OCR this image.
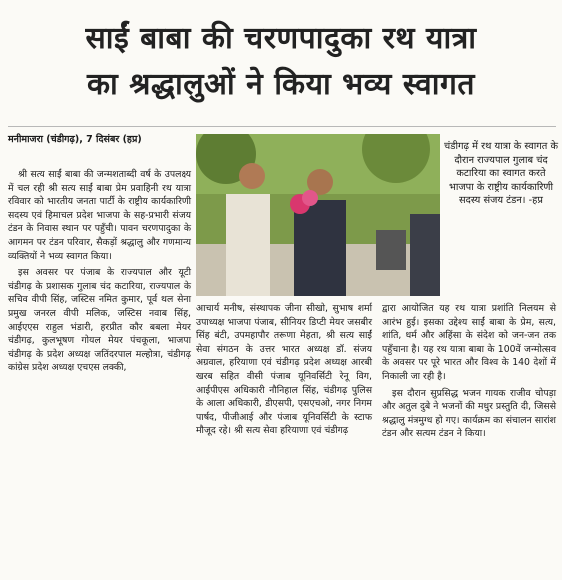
साईं बाबा की चरणपादुका रथ यात्रा
का श्रद्धालुओं ने किया भव्य स्वागत
मनीमाजरा (चंडीगढ़), 7 दिसंबर (हप्र)

श्री सत्य साईं बाबा की जन्मशताब्दी वर्ष के उपलक्ष्य में चल रही श्री सत्य साईं बाबा प्रेम प्रवाहिनी रथ यात्रा रविवार को भारतीय जनता पार्टी के राष्ट्रीय कार्यकारिणी सदस्य एवं हिमाचल प्रदेश भाजपा के सह-प्रभारी संजय टंडन के निवास स्थान पर पहुँची। पावन चरणपादुका के आगमन पर टंडन परिवार, सैकड़ों श्रद्धालु और गणमान्य व्यक्तियों ने भव्य स्वागत किया।

इस अवसर पर पंजाब के राज्यपाल और यूटी चंडीगढ़ के प्रशासक गुलाब चंद कटारिया, राज्यपाल के सचिव वीपी सिंह, जस्टिस नमित कुमार, पूर्व थल सेना प्रमुख जनरल वीपी मलिक, जस्टिस नवाब सिंह, आईएएस राहुल भंडारी, हरप्रीत कौर बबला मेयर चंडीगढ़, कुलभूषण गोयल मेयर पंचकूला, भाजपा चंडीगढ़ के प्रदेश अध्यक्ष जतिंदरपाल मल्होत्रा, चंडीगढ़ कांग्रेस प्रदेश अध्यक्ष एचएस लक्की,

चंडीगढ़ में रथ यात्रा के स्वागत के दौरान राज्यपाल गुलाब चंद कटारिया का स्वागत करते भाजपा के राष्ट्रीय कार्यकारिणी सदस्य संजय टंडन। -हप्र

आचार्य मनीष, संस्थापक जीना सीखो, सुभाष शर्मा उपाध्यक्ष भाजपा पंजाब, सीनियर डिप्टी मेयर जसबीर सिंह बंटी, उपमहापौर तरूणा मेहता, श्री सत्य साईं सेवा संगठन के उत्तर भारत अध्यक्ष डॉ. संजय अग्रवाल, हरियाणा एवं चंडीगढ़ प्रदेश अध्यक्ष आरबी खरब सहित वीसी पंजाब यूनिवर्सिटी रेनू विग, आईपीएस अधिकारी नौनिहाल सिंह, चंडीगढ़ पुलिस के आला अधिकारी, डीएसपी, एसएचओ, नगर निगम पार्षद, पीजीआई और पंजाब यूनिवर्सिटी के स्टाफ मौजूद रहे। श्री सत्य सेवा हरियाणा एवं चंडीगढ़

द्वारा आयोजित यह रथ यात्रा प्रशांति निलयम से आरंभ हुई। इसका उद्देश्य साईं बाबा के प्रेम, सत्य, शांति, धर्म और अहिंसा के संदेश को जन-जन तक पहुँचाना है। यह रथ यात्रा बाबा के 100वें जन्मोत्सव के अवसर पर पूरे भारत और विश्व के 140 देशों में निकाली जा रही है।

इस दौरान सुप्रसिद्ध भजन गायक राजीव चोपड़ा और अतुल दुबे ने भजनों की मधुर प्रस्तुति दी, जिससे श्रद्धालु मंत्रमुग्ध हो गए। कार्यक्रम का संचालन सारांश टंडन और सत्यम टंडन ने किया।
